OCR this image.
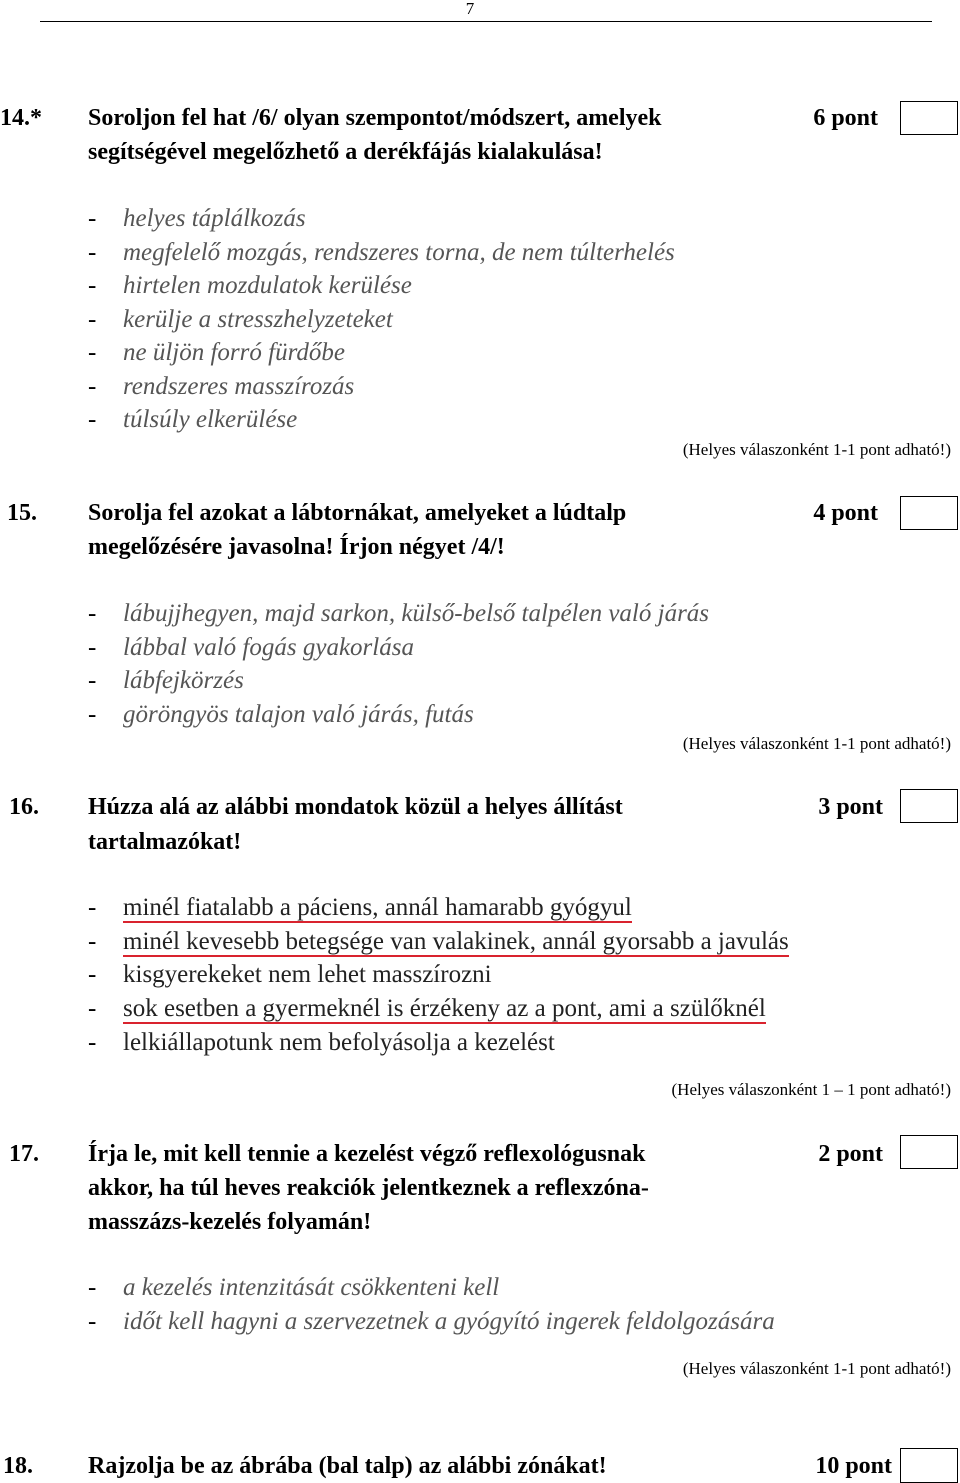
7
14.* Soroljon fel hat /6/ olyan szempontot/módszert, amelyek
segítségével megelőzhető a derékfájás kialakulása!
6 pont
- helyes táplálkozás
- megfelelő mozgás, rendszeres torna, de nem túlterhelés
- hirtelen mozdulatok kerülése
- kerülje a stresszhelyzeteket
- ne üljön forró fürdőbe
- rendszeres masszírozás
- túlsúly elkerülése
(Helyes válaszonként 1-1 pont adható!)
15. Sorolja fel azokat a lábtornákat, amelyeket a lúdtalp
megelőzésére javasolna! Írjon négyet /4/!
4 pont
- lábujjhegyen, majd sarkon, külső-belső talpélen való járás
- lábbal való fogás gyakorlása
- lábfejkörzés
- göröngyös talajon való járás, futás
(Helyes válaszonként 1-1 pont adható!)
16. Húzza alá az alábbi mondatok közül a helyes állítást
tartalmazókat!
3 pont
- minél fiatalabb a páciens, annál hamarabb gyógyul
- minél kevesebb betegsége van valakinek, annál gyorsabb a javulás
- kisgyerekeket nem lehet masszírozni
- sok esetben a gyermeknél is érzékeny az a pont, ami a szülőknél
- lelkiállapotunk nem befolyásolja a kezelést
(Helyes válaszonként 1 – 1 pont adható!)
17. Írja le, mit kell tennie a kezelést végző reflexológusnak
akkor, ha túl heves reakciók jelentkeznek a reflexzóna-
masszázs-kezelés folyamán!
2 pont
- a kezelés intenzitását csökkenteni kell
- időt kell hagyni a szervezetnek a gyógyító ingerek feldolgozására
(Helyes válaszonként 1-1 pont adható!)
18. Rajzolja be az ábrába (bal talp) az alábbi zónákat!	10 pont
